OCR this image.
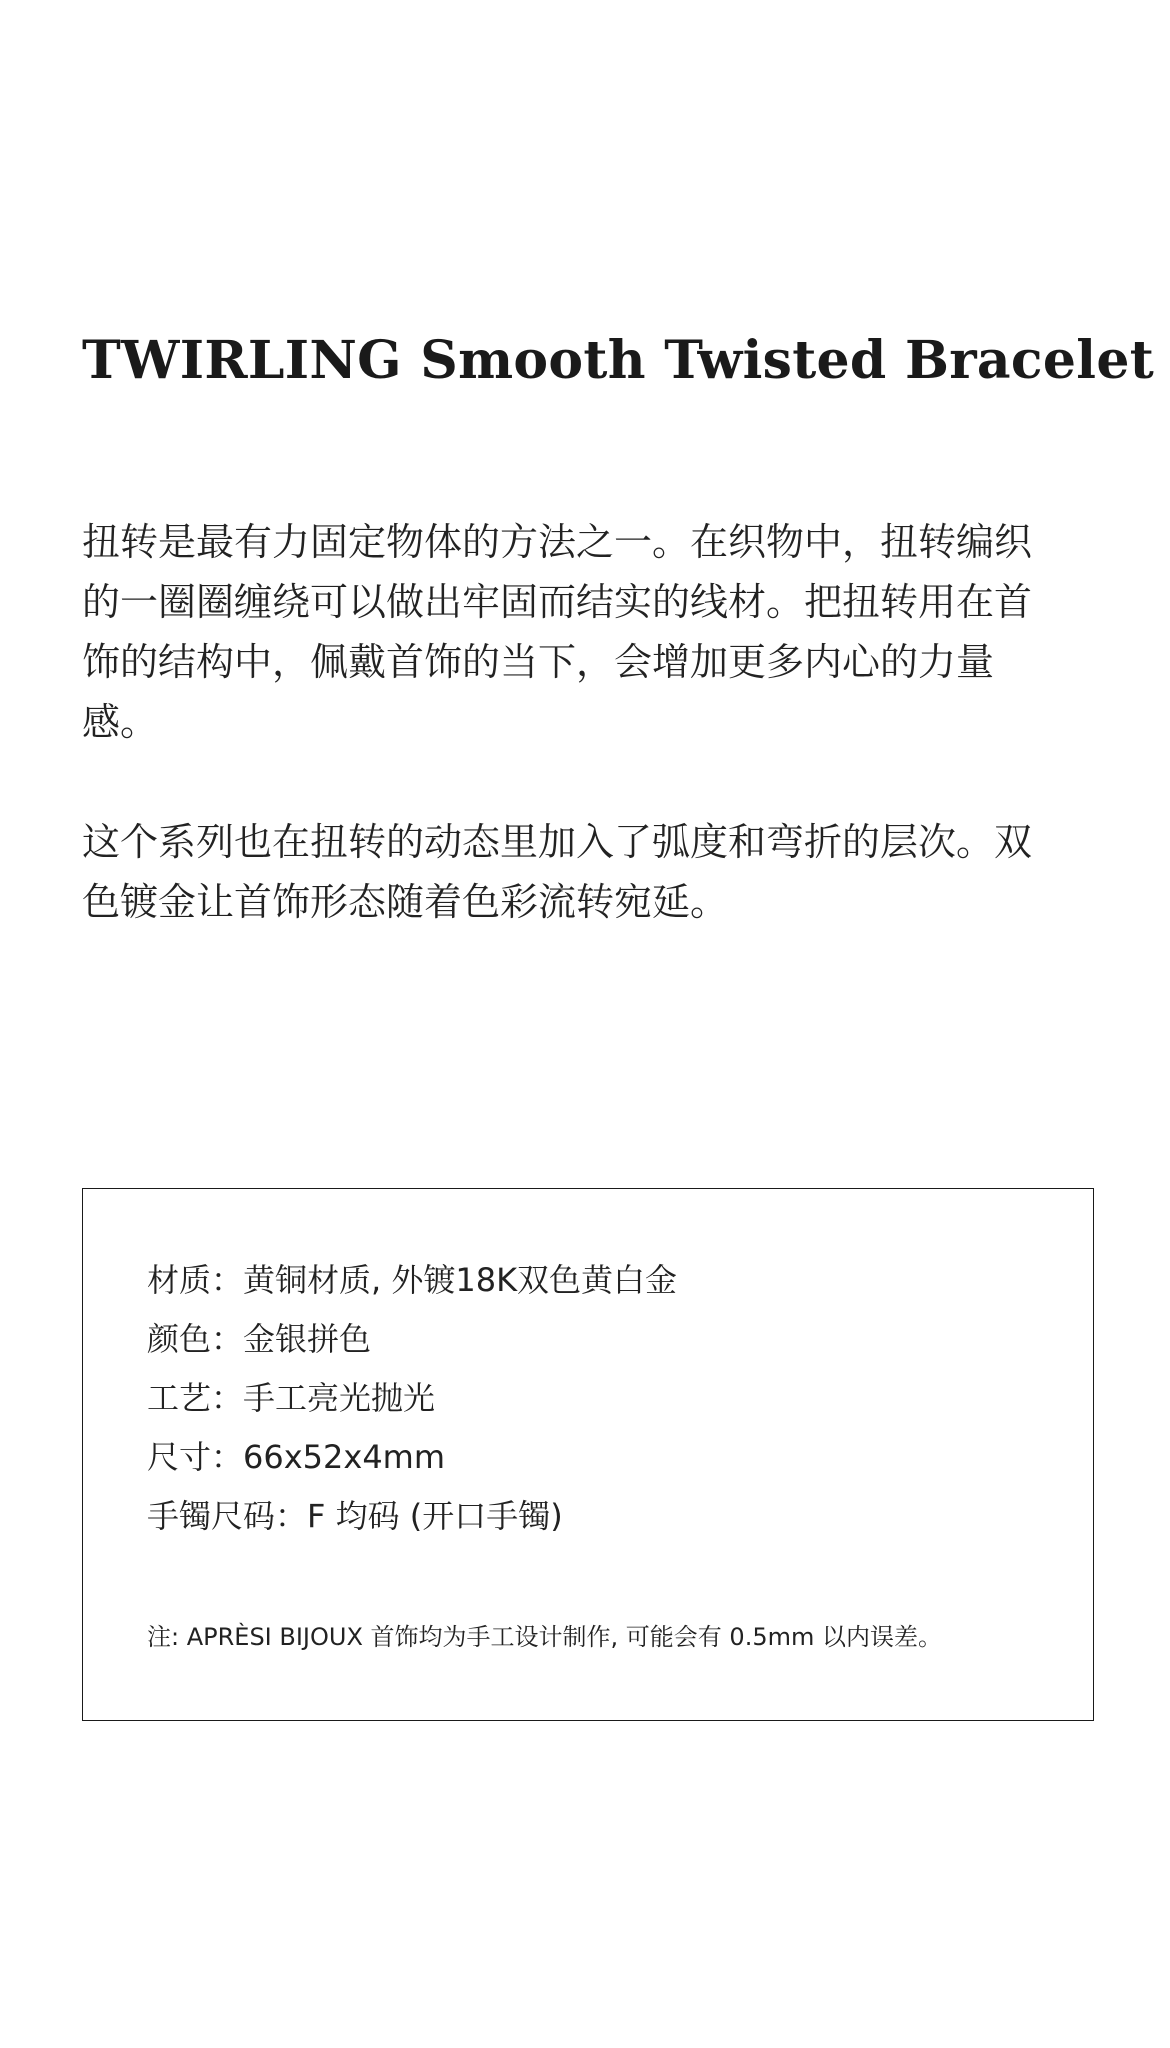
TWIRLING Smooth Twisted Bracelet

扭转是最有力固定物体的方法之一。在织物中，扭转编织
的一圈圈缠绕可以做出牢固而结实的线材。把扭转用在首
饰的结构中，佩戴首饰的当下，会增加更多内心的力量
感。

这个系列也在扭转的动态里加入了弧度和弯折的层次。双
色镀金让首饰形态随着色彩流转宛延。

材质：黄铜材质, 外镀18K双色黄白金
颜色：金银拼色
工艺：手工亮光抛光
尺寸：66x52x4mm
手镯尺码：F 均码 (开口手镯)
注: APRÈSI BIJOUX 首饰均为手工设计制作, 可能会有 0.5mm 以内误差。
